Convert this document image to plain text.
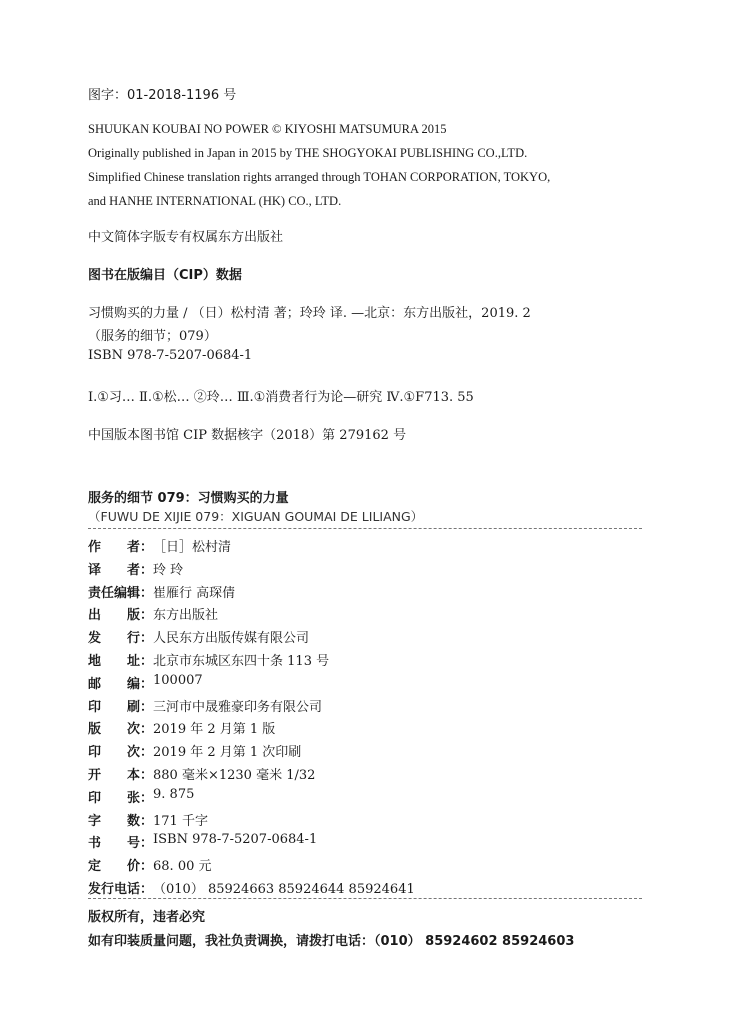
图字：01-2018-1196 号
SHUUKAN KOUBAI NO POWER © KIYOSHI MATSUMURA 2015
Originally published in Japan in 2015 by THE SHOGYOKAI PUBLISHING CO.,LTD.
Simplified Chinese translation rights arranged through TOHAN CORPORATION, TOKYO,
and HANHE INTERNATIONAL (HK) CO., LTD.
中文简体字版专有权属东方出版社
图书在版编目（CIP）数据
习惯购买的力量 / （日）松村清 著；玲玲 译. —北京：东方出版社，2019. 2
（服务的细节；079）
ISBN 978-7-5207-0684-1
Ⅰ.①习… Ⅱ.①松… ②玲… Ⅲ.①消费者行为论—研究 Ⅳ.①F713. 55
中国版本图书馆 CIP 数据核字（2018）第 279162 号
服务的细节 079：习惯购买的力量
（FUWU DE XIJIE 079：XIGUAN GOUMAI DE LILIANG）
作者 ： ［日］松村清
译者 ： 玲 玲
责任编辑 ： 崔雁行 高琛倩
出版 ： 东方出版社
发行 ： 人民东方出版传媒有限公司
地址 ： 北京市东城区东四十条 113 号
邮编 ： 100007
印刷 ： 三河市中晟雅豪印务有限公司
版次 ： 2019 年 2 月第 1 版
印次 ： 2019 年 2 月第 1 次印刷
开本 ： 880 毫米×1230 毫米 1/32
印张 ： 9. 875
字数 ： 171 千字
书号 ： ISBN 978-7-5207-0684-1
定价 ： 68. 00 元
发行电话 ： （010） 85924663 85924644 85924641
版权所有，违者必究
如有印装质量问题，我社负责调换，请拨打电话：（010） 85924602 85924603
